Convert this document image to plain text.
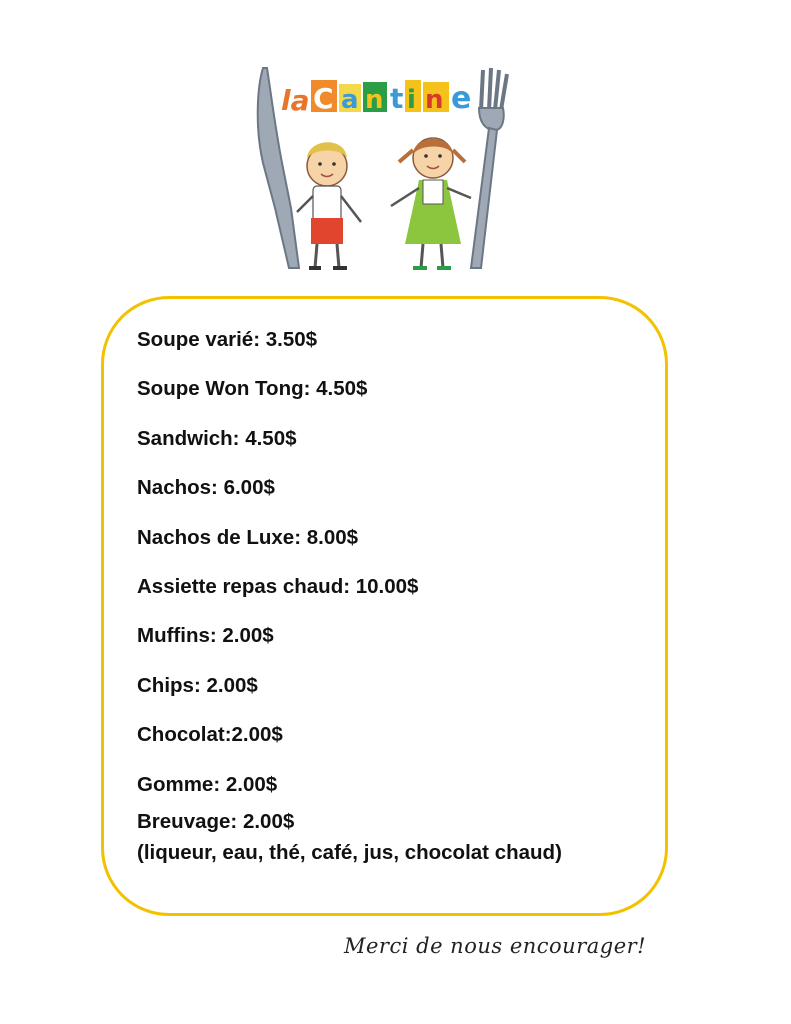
la C a n t i n e
Soupe varié: 3.50$
Soupe Won Tong: 4.50$
Sandwich: 4.50$
Nachos: 6.00$
Nachos de Luxe: 8.00$
Assiette repas chaud: 10.00$
Muffins: 2.00$
Chips: 2.00$
Chocolat:2.00$
Gomme: 2.00$
Breuvage: 2.00$
(liqueur, eau, thé, café, jus, chocolat chaud)
Merci de nous encourager!
